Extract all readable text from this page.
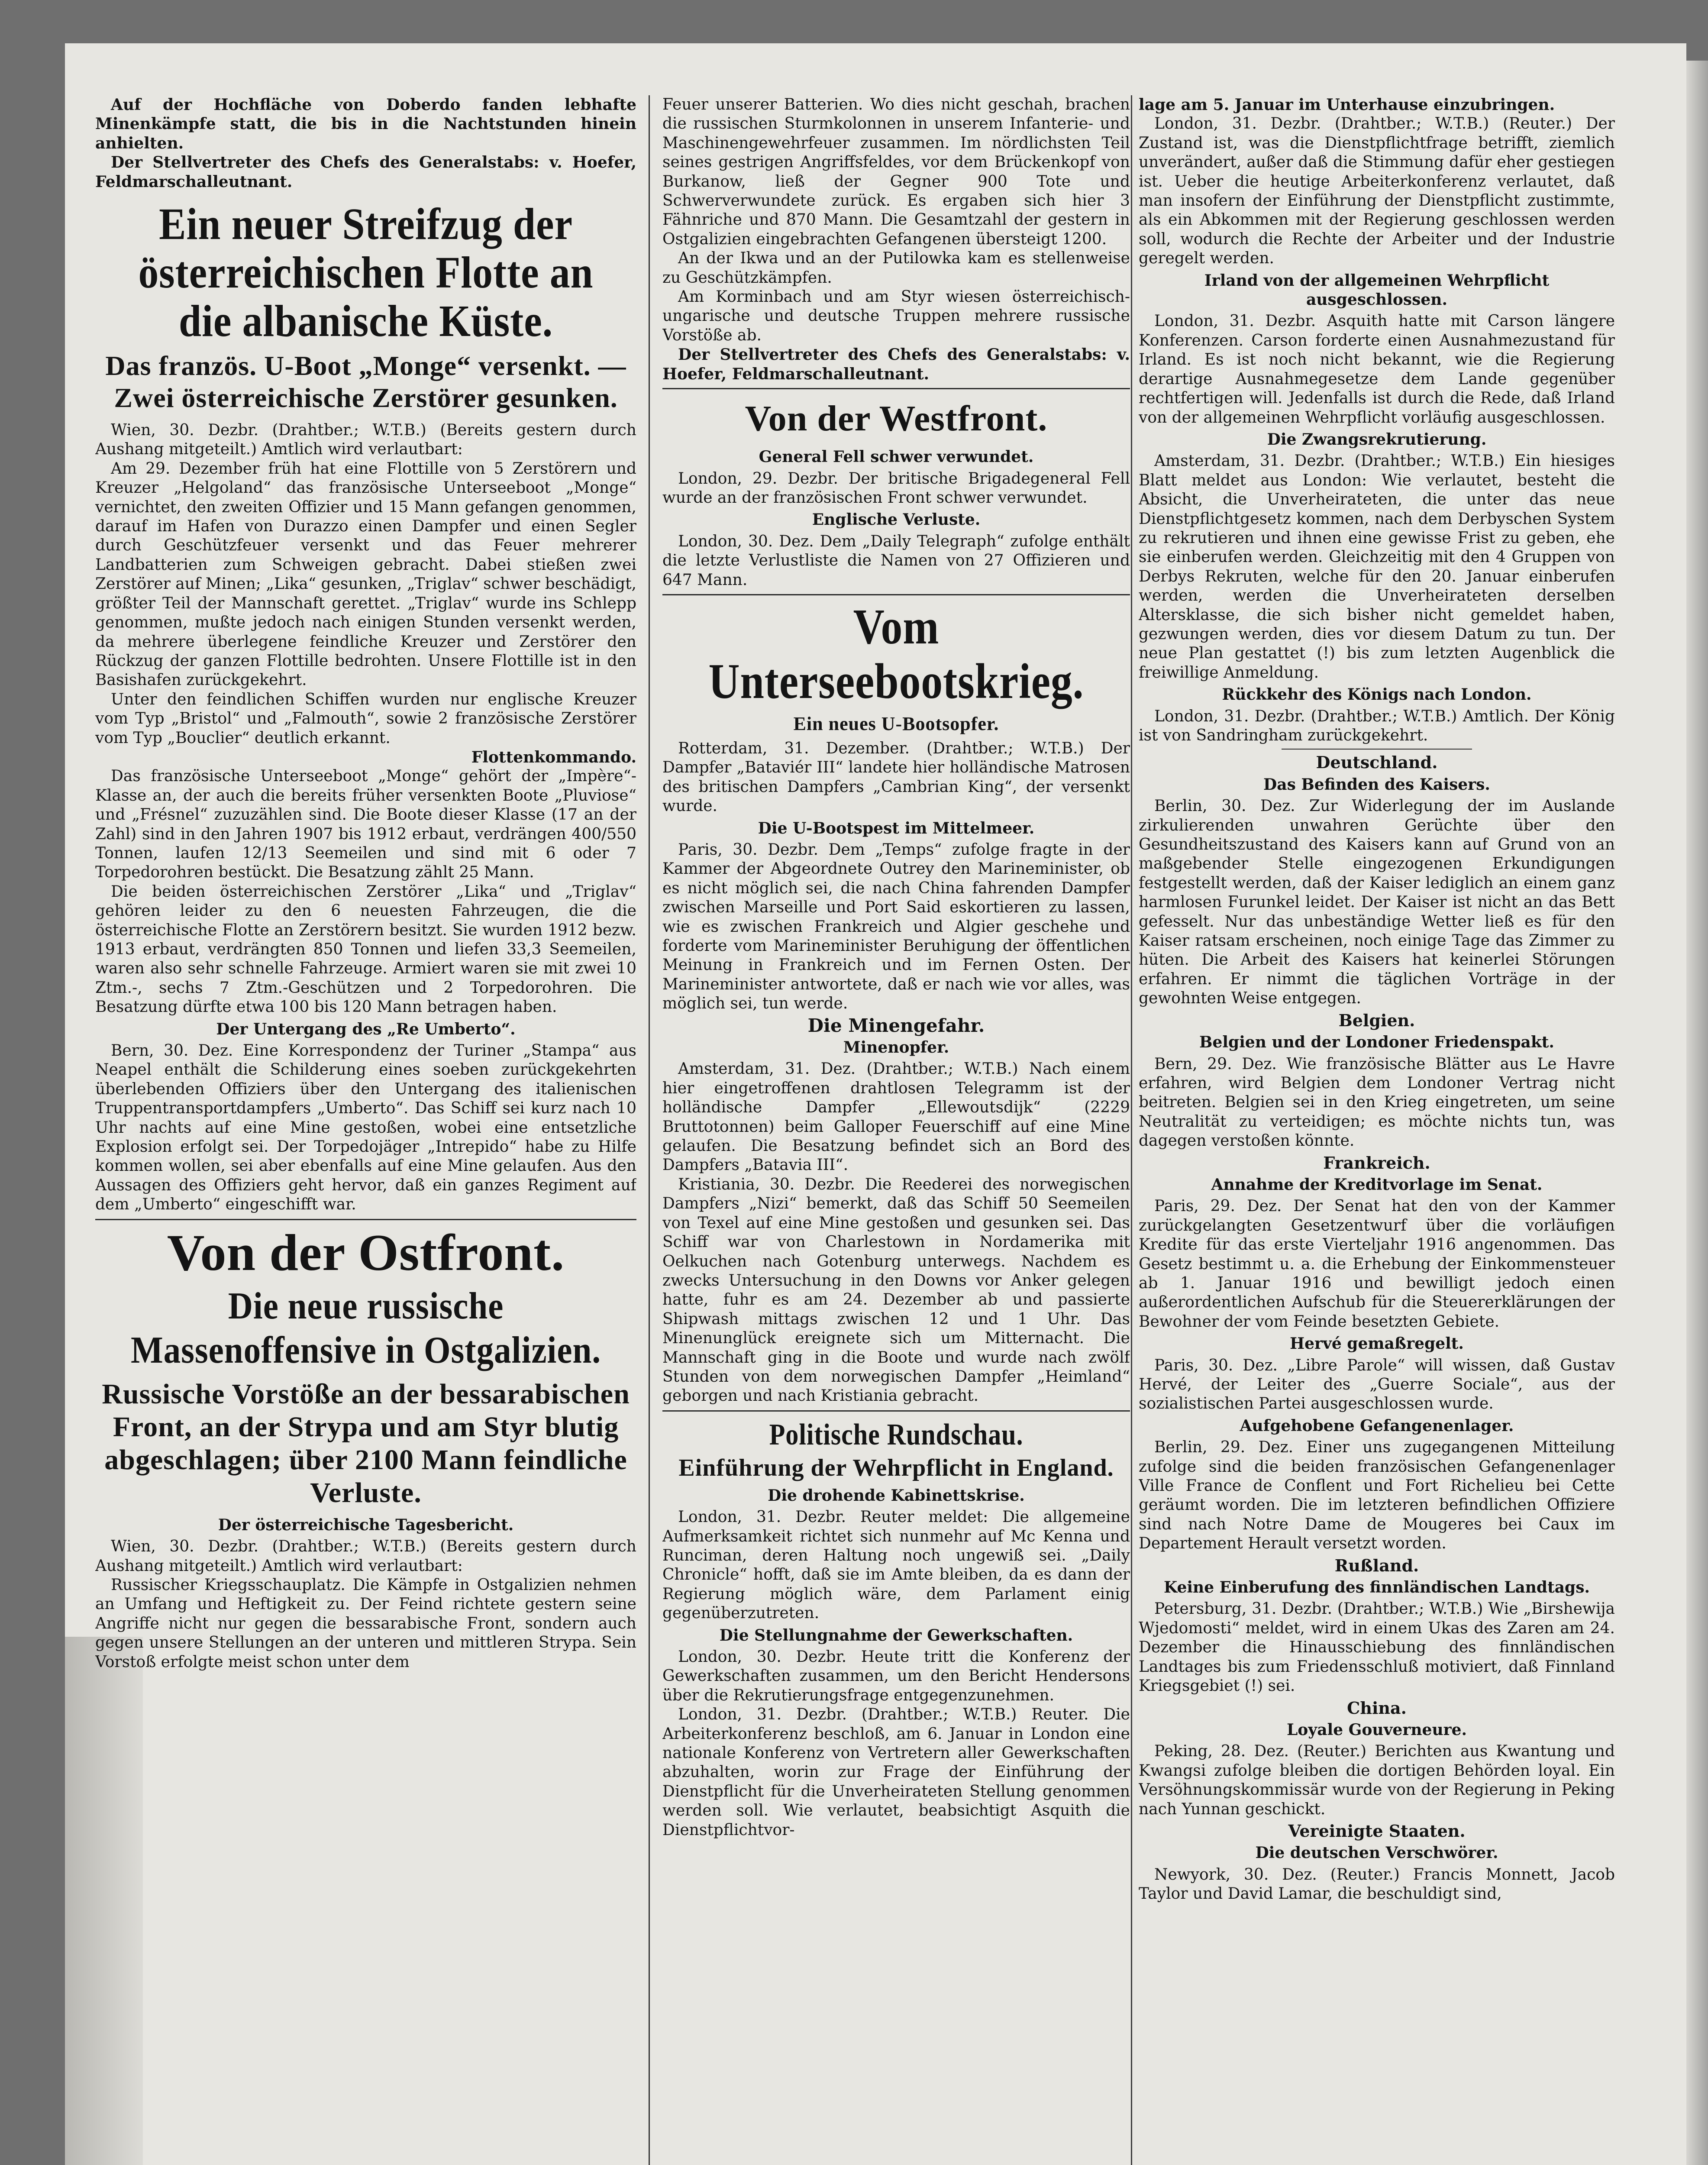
Auf der Hochfläche von Doberdo fanden lebhafte Minenkämpfe statt, die bis in die Nachtstunden hinein anhielten.

Der Stellvertreter des Chefs des Generalstabs: v. Hoefer, Feldmarschalleutnant.

Ein neuer Streifzug der österreichischen Flotte an die albanische Küste.
Das französ. U-Boot „Monge“ versenkt. — Zwei österreichische Zerstörer gesunken.

Wien, 30. Dezbr. (Drahtber.; W.T.B.) (Bereits gestern durch Aushang mitgeteilt.) Amtlich wird verlautbart:

Am 29. Dezember früh hat eine Flottille von 5 Zerstörern und Kreuzer „Helgoland“ das französische Unterseeboot „Monge“ vernichtet, den zweiten Offizier und 15 Mann gefangen genommen, darauf im Hafen von Durazzo einen Dampfer und einen Segler durch Geschützfeuer versenkt und das Feuer mehrerer Landbatterien zum Schweigen gebracht. Dabei stießen zwei Zerstörer auf Minen; „Lika“ gesunken, „Triglav“ schwer beschädigt, größter Teil der Mannschaft gerettet. „Triglav“ wurde ins Schlepp genommen, mußte jedoch nach einigen Stunden versenkt werden, da mehrere überlegene feindliche Kreuzer und Zerstörer den Rückzug der ganzen Flottille bedrohten. Unsere Flottille ist in den Basishafen zurückgekehrt.

Unter den feindlichen Schiffen wurden nur englische Kreuzer vom Typ „Bristol“ und „Falmouth“, sowie 2 französische Zerstörer vom Typ „Bouclier“ deutlich erkannt.

Flottenkommando.

Das französische Unterseeboot „Monge“ gehört der „Impère“-Klasse an, der auch die bereits früher versenkten Boote „Pluviose“ und „Frésnel“ zuzuzählen sind. Die Boote dieser Klasse (17 an der Zahl) sind in den Jahren 1907 bis 1912 erbaut, verdrängen 400/550 Tonnen, laufen 12/13 Seemeilen und sind mit 6 oder 7 Torpedorohren bestückt. Die Besatzung zählt 25 Mann.

Die beiden österreichischen Zerstörer „Lika“ und „Triglav“ gehören leider zu den 6 neuesten Fahrzeugen, die die österreichische Flotte an Zerstörern besitzt. Sie wurden 1912 bezw. 1913 erbaut, verdrängten 850 Tonnen und liefen 33,3 Seemeilen, waren also sehr schnelle Fahrzeuge. Armiert waren sie mit zwei 10 Ztm.-, sechs 7 Ztm.-Geschützen und 2 Torpedorohren. Die Besatzung dürfte etwa 100 bis 120 Mann betragen haben.

Der Untergang des „Re Umberto“.

Bern, 30. Dez. Eine Korrespondenz der Turiner „Stampa“ aus Neapel enthält die Schilderung eines soeben zurückgekehrten überlebenden Offiziers über den Untergang des italienischen Truppentransportdampfers „Umberto“. Das Schiff sei kurz nach 10 Uhr nachts auf eine Mine gestoßen, wobei eine entsetzliche Explosion erfolgt sei. Der Torpedojäger „Intrepido“ habe zu Hilfe kommen wollen, sei aber ebenfalls auf eine Mine gelaufen. Aus den Aussagen des Offiziers geht hervor, daß ein ganzes Regiment auf dem „Umberto“ eingeschifft war.

Von der Ostfront.
Die neue russische Massenoffensive in Ostgalizien.
Russische Vorstöße an der bessarabischen Front, an der Strypa und am Styr blutig abgeschlagen; über 2100 Mann feindliche Verluste.
Der österreichische Tagesbericht.

Wien, 30. Dezbr. (Drahtber.; W.T.B.) (Bereits gestern durch Aushang mitgeteilt.) Amtlich wird verlautbart:

Russischer Kriegsschauplatz. Die Kämpfe in Ostgalizien nehmen an Umfang und Heftigkeit zu. Der Feind richtete gestern seine Angriffe nicht nur gegen die bessarabische Front, sondern auch gegen unsere Stellungen an der unteren und mittleren Strypa. Sein Vorstoß erfolgte meist schon unter dem

Feuer unserer Batterien. Wo dies nicht geschah, brachen die russischen Sturmkolonnen in unserem Infanterie- und Maschinengewehrfeuer zusammen. Im nördlichsten Teil seines gestrigen Angriffsfeldes, vor dem Brückenkopf von Burkanow, ließ der Gegner 900 Tote und Schwerverwundete zurück. Es ergaben sich hier 3 Fähnriche und 870 Mann. Die Gesamtzahl der gestern in Ostgalizien eingebrachten Gefangenen übersteigt 1200.

An der Ikwa und an der Putilowka kam es stellenweise zu Geschützkämpfen.

Am Korminbach und am Styr wiesen österreichisch-ungarische und deutsche Truppen mehrere russische Vorstöße ab.

Der Stellvertreter des Chefs des Generalstabs: v. Hoefer, Feldmarschalleutnant.

Von der Westfront.
General Fell schwer verwundet.

London, 29. Dezbr. Der britische Brigadegeneral Fell wurde an der französischen Front schwer verwundet.

Englische Verluste.

London, 30. Dez. Dem „Daily Telegraph“ zufolge enthält die letzte Verlustliste die Namen von 27 Offizieren und 647 Mann.

Vom Unterseebootskrieg.
Ein neues U-Bootsopfer.

Rotterdam, 31. Dezember. (Drahtber.; W.T.B.) Der Dampfer „Bataviér III“ landete hier holländische Matrosen des britischen Dampfers „Cambrian King“, der versenkt wurde.

Die U-Bootspest im Mittelmeer.

Paris, 30. Dezbr. Dem „Temps“ zufolge fragte in der Kammer der Abgeordnete Outrey den Marineminister, ob es nicht möglich sei, die nach China fahrenden Dampfer zwischen Marseille und Port Said eskortieren zu lassen, wie es zwischen Frankreich und Algier geschehe und forderte vom Marineminister Beruhigung der öffentlichen Meinung in Frankreich und im Fernen Osten. Der Marineminister antwortete, daß er nach wie vor alles, was möglich sei, tun werde.

Die Minengefahr.
Minenopfer.

Amsterdam, 31. Dez. (Drahtber.; W.T.B.) Nach einem hier eingetroffenen drahtlosen Telegramm ist der holländische Dampfer „Ellewoutsdijk“ (2229 Bruttotonnen) beim Galloper Feuerschiff auf eine Mine gelaufen. Die Besatzung befindet sich an Bord des Dampfers „Batavia III“.

Kristiania, 30. Dezbr. Die Reederei des norwegischen Dampfers „Nizi“ bemerkt, daß das Schiff 50 Seemeilen von Texel auf eine Mine gestoßen und gesunken sei. Das Schiff war von Charlestown in Nordamerika mit Oelkuchen nach Gotenburg unterwegs. Nachdem es zwecks Untersuchung in den Downs vor Anker gelegen hatte, fuhr es am 24. Dezember ab und passierte Shipwash mittags zwischen 12 und 1 Uhr. Das Minenunglück ereignete sich um Mitternacht. Die Mannschaft ging in die Boote und wurde nach zwölf Stunden von dem norwegischen Dampfer „Heimland“ geborgen und nach Kristiania gebracht.

Politische Rundschau.
Einführung der Wehrpflicht in England.
Die drohende Kabinettskrise.

London, 31. Dezbr. Reuter meldet: Die allgemeine Aufmerksamkeit richtet sich nunmehr auf Mc Kenna und Runciman, deren Haltung noch ungewiß sei. „Daily Chronicle“ hofft, daß sie im Amte bleiben, da es dann der Regierung möglich wäre, dem Parlament einig gegenüberzutreten.

Die Stellungnahme der Gewerkschaften.

London, 30. Dezbr. Heute tritt die Konferenz der Gewerkschaften zusammen, um den Bericht Hendersons über die Rekrutierungsfrage entgegenzunehmen.

London, 31. Dezbr. (Drahtber.; W.T.B.) Reuter. Die Arbeiterkonferenz beschloß, am 6. Januar in London eine nationale Konferenz von Vertretern aller Gewerkschaften abzuhalten, worin zur Frage der Einführung der Dienstpflicht für die Unverheirateten Stellung genommen werden soll. Wie verlautet, beabsichtigt Asquith die Dienstpflichtvor-

lage am 5. Januar im Unterhause einzubringen.

London, 31. Dezbr. (Drahtber.; W.T.B.) (Reuter.) Der Zustand ist, was die Dienstpflichtfrage betrifft, ziemlich unverändert, außer daß die Stimmung dafür eher gestiegen ist. Ueber die heutige Arbeiterkonferenz verlautet, daß man insofern der Einführung der Dienstpflicht zustimmte, als ein Abkommen mit der Regierung geschlossen werden soll, wodurch die Rechte der Arbeiter und der Industrie geregelt werden.

Irland von der allgemeinen Wehrpflicht ausgeschlossen.

London, 31. Dezbr. Asquith hatte mit Carson längere Konferenzen. Carson forderte einen Ausnahmezustand für Irland. Es ist noch nicht bekannt, wie die Regierung derartige Ausnahmegesetze dem Lande gegenüber rechtfertigen will. Jedenfalls ist durch die Rede, daß Irland von der allgemeinen Wehrpflicht vorläufig ausgeschlossen.

Die Zwangsrekrutierung.

Amsterdam, 31. Dezbr. (Drahtber.; W.T.B.) Ein hiesiges Blatt meldet aus London: Wie verlautet, besteht die Absicht, die Unverheirateten, die unter das neue Dienstpflichtgesetz kommen, nach dem Derbyschen System zu rekrutieren und ihnen eine gewisse Frist zu geben, ehe sie einberufen werden. Gleichzeitig mit den 4 Gruppen von Derbys Rekruten, welche für den 20. Januar einberufen werden, werden die Unverheirateten derselben Altersklasse, die sich bisher nicht gemeldet haben, gezwungen werden, dies vor diesem Datum zu tun. Der neue Plan gestattet (!) bis zum letzten Augenblick die freiwillige Anmeldung.

Rückkehr des Königs nach London.

London, 31. Dezbr. (Drahtber.; W.T.B.) Amtlich. Der König ist von Sandringham zurückgekehrt.

Deutschland.
Das Befinden des Kaisers.

Berlin, 30. Dez. Zur Widerlegung der im Auslande zirkulierenden unwahren Gerüchte über den Gesundheitszustand des Kaisers kann auf Grund von an maßgebender Stelle eingezogenen Erkundigungen festgestellt werden, daß der Kaiser lediglich an einem ganz harmlosen Furunkel leidet. Der Kaiser ist nicht an das Bett gefesselt. Nur das unbeständige Wetter ließ es für den Kaiser ratsam erscheinen, noch einige Tage das Zimmer zu hüten. Die Arbeit des Kaisers hat keinerlei Störungen erfahren. Er nimmt die täglichen Vorträge in der gewohnten Weise entgegen.

Belgien.
Belgien und der Londoner Friedenspakt.

Bern, 29. Dez. Wie französische Blätter aus Le Havre erfahren, wird Belgien dem Londoner Vertrag nicht beitreten. Belgien sei in den Krieg eingetreten, um seine Neutralität zu verteidigen; es möchte nichts tun, was dagegen verstoßen könnte.

Frankreich.
Annahme der Kreditvorlage im Senat.

Paris, 29. Dez. Der Senat hat den von der Kammer zurückgelangten Gesetzentwurf über die vorläufigen Kredite für das erste Vierteljahr 1916 angenommen. Das Gesetz bestimmt u. a. die Erhebung der Einkommensteuer ab 1. Januar 1916 und bewilligt jedoch einen außerordentlichen Aufschub für die Steuererklärungen der Bewohner der vom Feinde besetzten Gebiete.

Hervé gemaßregelt.

Paris, 30. Dez. „Libre Parole“ will wissen, daß Gustav Hervé, der Leiter des „Guerre Sociale“, aus der sozialistischen Partei ausgeschlossen wurde.

Aufgehobene Gefangenenlager.

Berlin, 29. Dez. Einer uns zugegangenen Mitteilung zufolge sind die beiden französischen Gefangenenlager Ville France de Conflent und Fort Richelieu bei Cette geräumt worden. Die im letzteren befindlichen Offiziere sind nach Notre Dame de Mougeres bei Caux im Departement Herault versetzt worden.

Rußland.
Keine Einberufung des finnländischen Landtags.

Petersburg, 31. Dezbr. (Drahtber.; W.T.B.) Wie „Birshewija Wjedomosti“ meldet, wird in einem Ukas des Zaren am 24. Dezember die Hinausschiebung des finnländischen Landtages bis zum Friedensschluß motiviert, daß Finnland Kriegsgebiet (!) sei.

China.
Loyale Gouverneure.

Peking, 28. Dez. (Reuter.) Berichten aus Kwantung und Kwangsi zufolge bleiben die dortigen Behörden loyal. Ein Versöhnungskommissär wurde von der Regierung in Peking nach Yunnan geschickt.

Vereinigte Staaten.
Die deutschen Verschwörer.

Newyork, 30. Dez. (Reuter.) Francis Monnett, Jacob Taylor und David Lamar, die beschuldigt sind,
